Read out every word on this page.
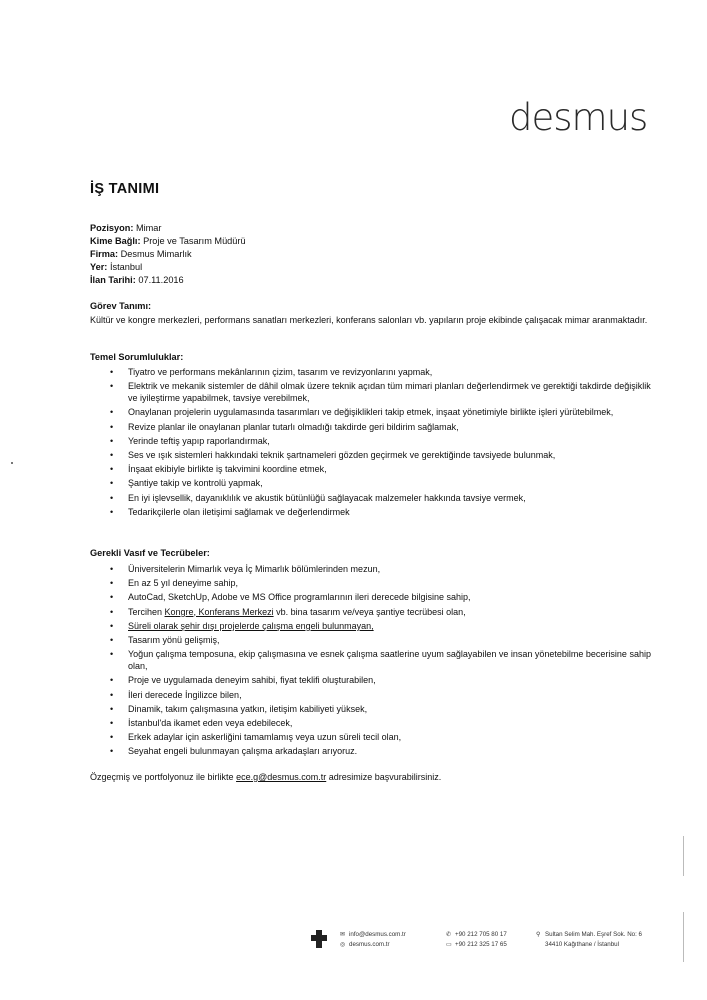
desmus
İŞ TANIMI
Pozisyon: Mimar
Kime Bağlı: Proje ve Tasarım Müdürü
Firma: Desmus Mimarlık
Yer: İstanbul
İlan Tarihi: 07.11.2016
Görev Tanımı:
Kültür ve kongre merkezleri, performans sanatları merkezleri, konferans salonları vb. yapıların proje ekibinde çalışacak mimar aranmaktadır.
Temel Sorumluluklar:
• Tiyatro ve performans mekânlarının çizim, tasarım ve revizyonlarını yapmak,
• Elektrik ve mekanik sistemler de dâhil olmak üzere teknik açıdan tüm mimari planları değerlendirmek ve gerektiği takdirde değişiklik ve iyileştirme yapabilmek, tavsiye verebilmek,
• Onaylanan projelerin uygulamasında tasarımları ve değişiklikleri takip etmek, inşaat yönetimiyle birlikte işleri yürütebilmek,
• Revize planlar ile onaylanan planlar tutarlı olmadığı takdirde geri bildirim sağlamak,
• Yerinde teftiş yapıp raporlandırmak,
• Ses ve ışık sistemleri hakkındaki teknik şartnameleri gözden geçirmek ve gerektiğinde tavsiyede bulunmak,
• İnşaat ekibiyle birlikte iş takvimini koordine etmek,
• Şantiye takip ve kontrolü yapmak,
• En iyi işlevsellik, dayanıklılık ve akustik bütünlüğü sağlayacak malzemeler hakkında tavsiye vermek,
• Tedarikçilerle olan iletişimi sağlamak ve değerlendirmek
Gerekli Vasıf ve Tecrübeler:
• Üniversitelerin Mimarlık veya İç Mimarlık bölümlerinden mezun,
• En az 5 yıl deneyime sahip,
• AutoCad, SketchUp, Adobe ve MS Office programlarının ileri derecede bilgisine sahip,
• Tercihen Kongre, Konferans Merkezi vb. bina tasarım ve/veya şantiye tecrübesi olan,
• Süreli olarak şehir dışı projelerde çalışma engeli bulunmayan,
• Tasarım yönü gelişmiş,
• Yoğun çalışma temposuna, ekip çalışmasına ve esnek çalışma saatlerine uyum sağlayabilen ve insan yönetebilme becerisine sahip olan,
• Proje ve uygulamada deneyim sahibi, fiyat teklifi oluşturabilen,
• İleri derecede İngilizce bilen,
• Dinamik, takım çalışmasına yatkın, iletişim kabiliyeti yüksek,
• İstanbul'da ikamet eden veya edebilecek,
• Erkek adaylar için askerliğini tamamlamış veya uzun süreli tecil olan,
• Seyahat engeli bulunmayan çalışma arkadaşları arıyoruz.
Özgeçmiş ve portfolyonuz ile birlikte ece.g@desmus.com.tr adresimize başvurabilirsiniz.
✉ info@desmus.com.tr
◎ desmus.com.tr
✆ +90 212 705 80 17
▭ +90 212 325 17 65
⚲ Sultan Selim Mah. Eşref Sok. No: 6
34410 Kağıthane / İstanbul
